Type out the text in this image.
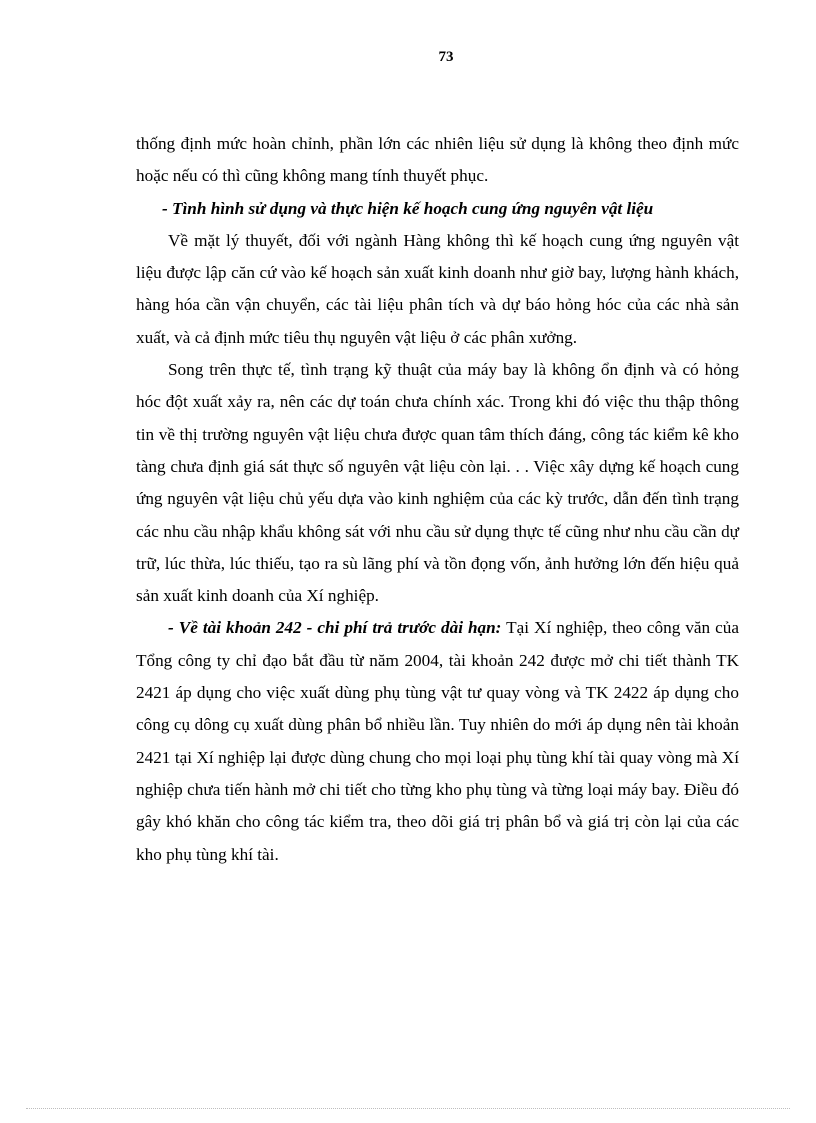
73

thống định mức hoàn chỉnh, phần lớn các nhiên liệu sử dụng là không theo định mức hoặc nếu có thì cũng không mang tính thuyết phục.

- Tình hình sử dụng và thực hiện kế hoạch cung ứng nguyên vật liệu

Về mặt lý thuyết, đối với ngành Hàng không thì kế hoạch cung ứng nguyên vật liệu được lập căn cứ vào kế hoạch sản xuất kinh doanh như giờ bay, lượng hành khách, hàng hóa cần vận chuyển, các tài liệu phân tích và dự báo hỏng hóc của các nhà sản xuất, và cả định mức tiêu thụ nguyên vật liệu ở các phân xưởng.

Song trên thực tế, tình trạng kỹ thuật của máy bay là không ổn định và có hỏng hóc đột xuất xảy ra, nên các dự toán chưa chính xác. Trong khi đó việc thu thập thông tin về thị trường nguyên vật liệu chưa được quan tâm thích đáng, công tác kiểm kê kho tàng chưa định giá sát thực số nguyên vật liệu còn lại. . . Việc xây dựng kế hoạch cung ứng nguyên vật liệu chủ yếu dựa vào kinh nghiệm của các kỳ trước, dẫn đến tình trạng các nhu cầu nhập khẩu không sát với nhu cầu sử dụng thực tế cũng như nhu cầu cần dự trữ, lúc thừa, lúc thiếu, tạo ra sù lãng phí và tồn đọng vốn, ảnh hưởng lớn đến hiệu quả sản xuất kinh doanh của Xí nghiệp.

- Về tài khoản 242 - chi phí trả trước dài hạn: Tại Xí nghiệp, theo công văn của Tổng công ty chỉ đạo bắt đầu từ năm 2004, tài khoản 242 được mở chi tiết thành TK 2421 áp dụng cho việc xuất dùng phụ tùng vật tư quay vòng và TK 2422 áp dụng cho công cụ dông cụ xuất dùng phân bổ nhiều lần. Tuy nhiên do mới áp dụng nên tài khoản 2421 tại Xí nghiệp lại được dùng chung cho mọi loại phụ tùng khí tài quay vòng mà Xí nghiệp chưa tiến hành mở chi tiết cho từng kho phụ tùng và từng loại máy bay. Điều đó gây khó khăn cho công tác kiểm tra, theo dõi giá trị phân bổ và giá trị còn lại của các kho phụ tùng khí tài.
